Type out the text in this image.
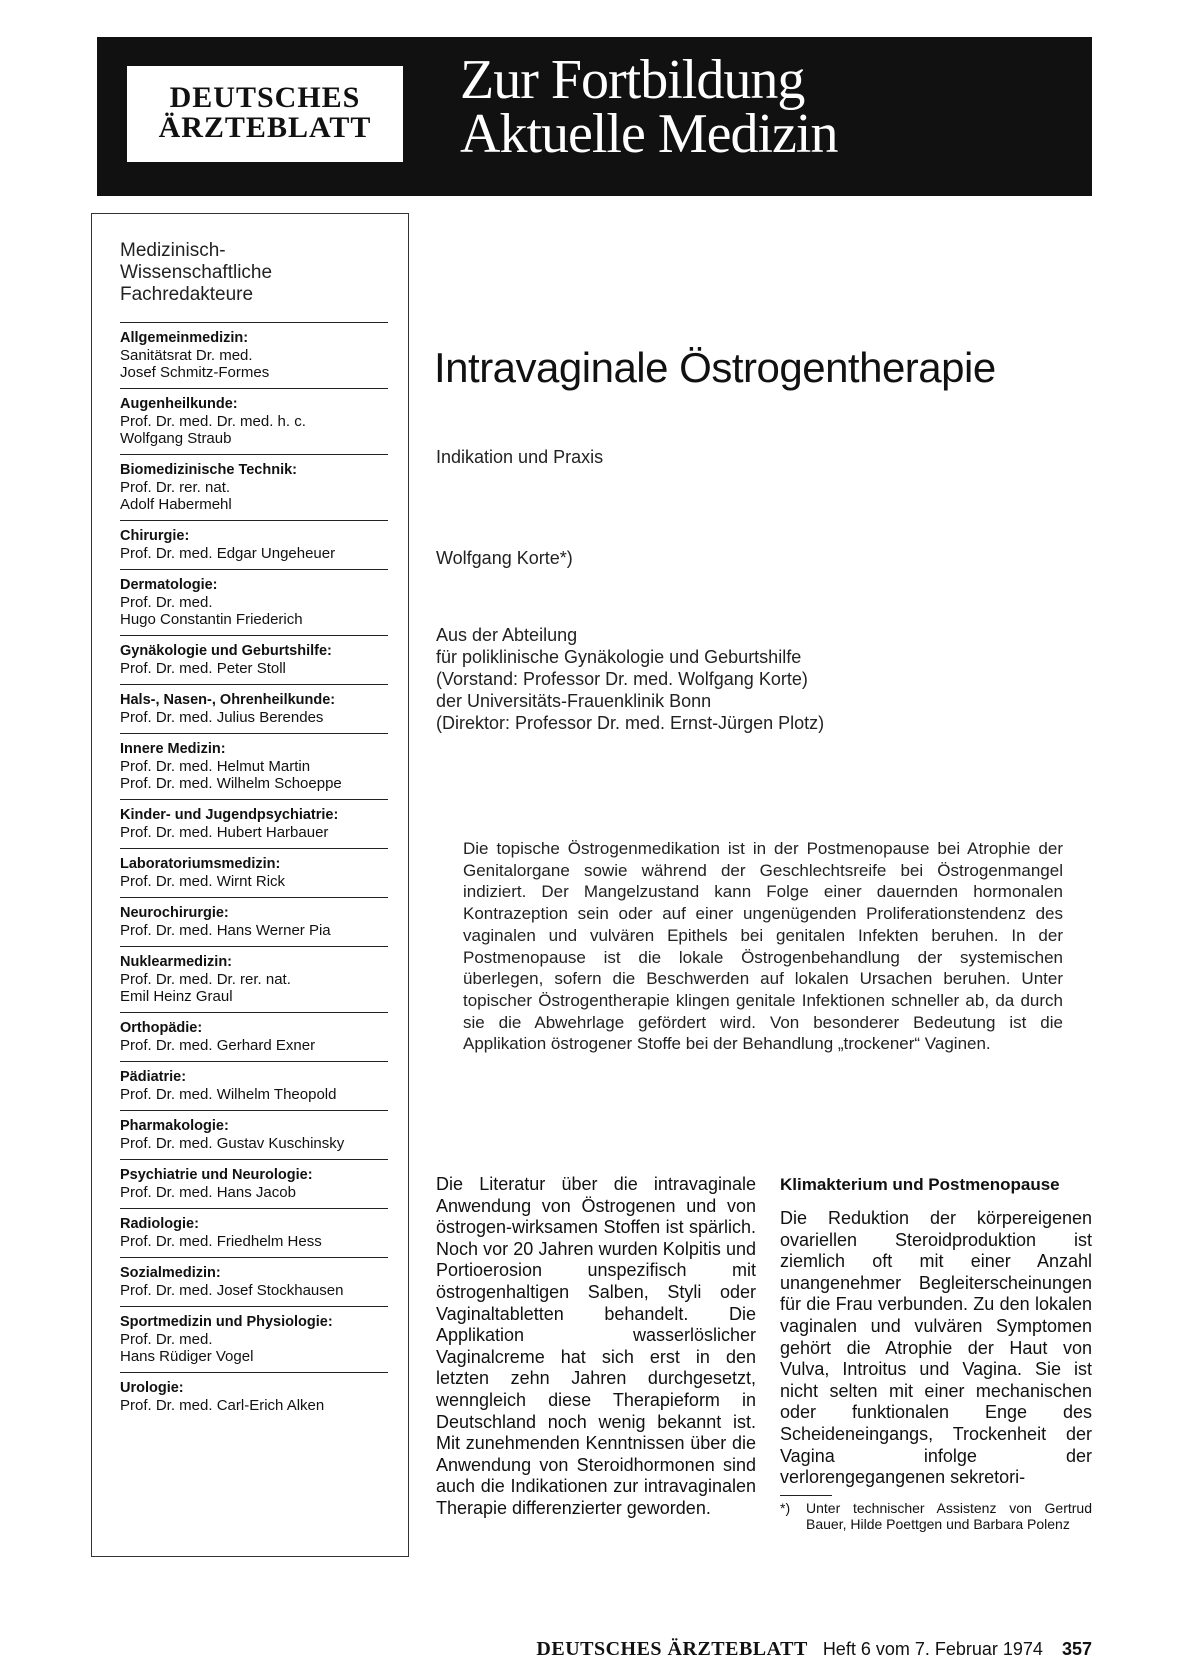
DEUTSCHES
ÄRZTEBLATT
Zur Fortbildung
Aktuelle Medizin
Medizinisch-
Wissenschaftliche
Fachredakteure
Allgemeinmedizin:
Sanitätsrat Dr. med.
Josef Schmitz-Formes
Augenheilkunde:
Prof. Dr. med. Dr. med. h. c.
Wolfgang Straub
Biomedizinische Technik:
Prof. Dr. rer. nat.
Adolf Habermehl
Chirurgie:
Prof. Dr. med. Edgar Ungeheuer
Dermatologie:
Prof. Dr. med.
Hugo Constantin Friederich
Gynäkologie und Geburtshilfe:
Prof. Dr. med. Peter Stoll
Hals-, Nasen-, Ohrenheilkunde:
Prof. Dr. med. Julius Berendes
Innere Medizin:
Prof. Dr. med. Helmut Martin
Prof. Dr. med. Wilhelm Schoeppe
Kinder- und Jugendpsychiatrie:
Prof. Dr. med. Hubert Harbauer
Laboratoriumsmedizin:
Prof. Dr. med. Wirnt Rick
Neurochirurgie:
Prof. Dr. med. Hans Werner Pia
Nuklearmedizin:
Prof. Dr. med. Dr. rer. nat.
Emil Heinz Graul
Orthopädie:
Prof. Dr. med. Gerhard Exner
Pädiatrie:
Prof. Dr. med. Wilhelm Theopold
Pharmakologie:
Prof. Dr. med. Gustav Kuschinsky
Psychiatrie und Neurologie:
Prof. Dr. med. Hans Jacob
Radiologie:
Prof. Dr. med. Friedhelm Hess
Sozialmedizin:
Prof. Dr. med. Josef Stockhausen
Sportmedizin und Physiologie:
Prof. Dr. med.
Hans Rüdiger Vogel
Urologie:
Prof. Dr. med. Carl-Erich Alken
Intravaginale Östrogentherapie
Indikation und Praxis
Wolfgang Korte*)
Aus der Abteilung
für poliklinische Gynäkologie und Geburtshilfe
(Vorstand: Professor Dr. med. Wolfgang Korte)
der Universitäts-Frauenklinik Bonn
(Direktor: Professor Dr. med. Ernst-Jürgen Plotz)
Die topische Östrogenmedikation ist in der Postmenopause bei Atrophie der Genitalorgane sowie während der Geschlechtsreife bei Östrogenmangel indiziert. Der Mangelzustand kann Folge einer dauernden hormonalen Kontrazeption sein oder auf einer ungenügenden Proliferationstendenz des vaginalen und vulvären Epithels bei genitalen Infekten beruhen. In der Postmenopause ist die lokale Östrogenbehandlung der systemischen überlegen, sofern die Beschwerden auf lokalen Ursachen beruhen. Unter topischer Östrogentherapie klingen genitale Infektionen schneller ab, da durch sie die Abwehrlage gefördert wird. Von besonderer Bedeutung ist die Applikation östrogener Stoffe bei der Behandlung „trockener“ Vaginen.

Die Literatur über die intravaginale Anwendung von Östrogenen und von östrogen-wirksamen Stoffen ist spärlich. Noch vor 20 Jahren wurden Kolpitis und Portioerosion unspezifisch mit östrogenhaltigen Salben, Styli oder Vaginaltabletten behandelt. Die Applikation wasserlöslicher Vaginalcreme hat sich erst in den letzten zehn Jahren durchgesetzt, wenngleich diese Therapieform in Deutschland noch wenig bekannt ist. Mit zunehmenden Kenntnissen über die Anwendung von Steroidhormonen sind auch die Indikationen zur intravaginalen Therapie differenzierter geworden.

Klimakterium und Postmenopause

Die Reduktion der körpereigenen ovariellen Steroidproduktion ist ziemlich oft mit einer Anzahl unangenehmer Begleiterscheinungen für die Frau verbunden. Zu den lokalen vaginalen und vulvären Symptomen gehört die Atrophie der Haut von Vulva, Introitus und Vagina. Sie ist nicht selten mit einer mechanischen oder funktionalen Enge des Scheideneingangs, Trockenheit der Vagina infolge der verlorengegangenen sekretori-

*)	Unter technischer Assistenz von Gertrud Bauer, Hilde Poettgen und Barbara Polenz
DEUTSCHES ÄRZTEBLATT Heft 6 vom 7. Februar 1974 357
